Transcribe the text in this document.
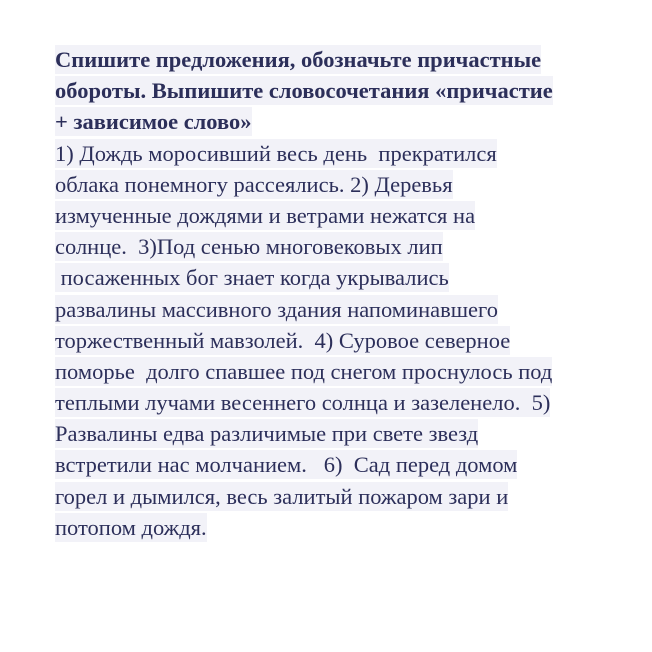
Спишите предложения, обозначьте причастные
обороты. Выпишите словосочетания «причастие
+ зависимое слово»
1) Дождь моросивший весь день  прекратился
облака понемногу рассеялись. 2) Деревья
измученные дождями и ветрами нежатся на
солнце.  3)Под сенью многовековых лип
посаженных бог знает когда укрывались
развалины массивного здания напоминавшего
торжественный мавзолей.  4) Суровое северное
поморье  долго спавшее под снегом проснулось под
теплыми лучами весеннего солнца и зазеленело.  5)
Развалины едва различимые при свете звезд
встретили нас молчанием.   6)  Сад перед домом
горел и дымился, весь залитый пожаром зари и
потопом дождя.
